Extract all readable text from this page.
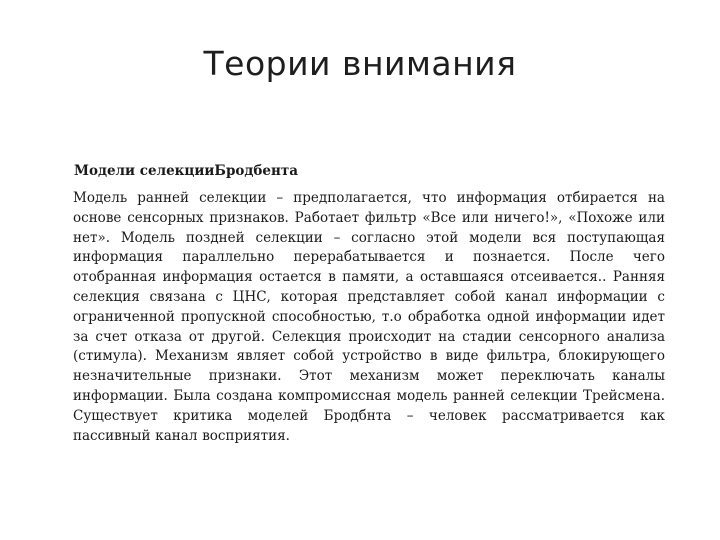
Теории внимания
Модели селекцииБродбента
Модель ранней селекции – предполагается, что информация отбирается на основе сенсорных признаков. Работает фильтр «Все или ничего!», «Похоже или нет». Модель поздней селекции – согласно этой модели вся поступающая информация параллельно перерабатывается и познается. После чего отобранная информация остается в памяти, а оставшаяся отсеивается.. Ранняя селекция связана с ЦНС, которая представляет собой канал информации с ограниченной пропускной способностью, т.о обработка одной информации идет за счет отказа от другой. Селекция происходит на стадии сенсорного анализа (стимула). Механизм являет собой устройство в виде фильтра, блокирующего незначительные признаки. Этот механизм может переключать каналы информации. Была создана компромиссная модель ранней селекции Трейсмена. Существует критика моделей Бродбнта – человек рассматривается как пассивный канал восприятия.
